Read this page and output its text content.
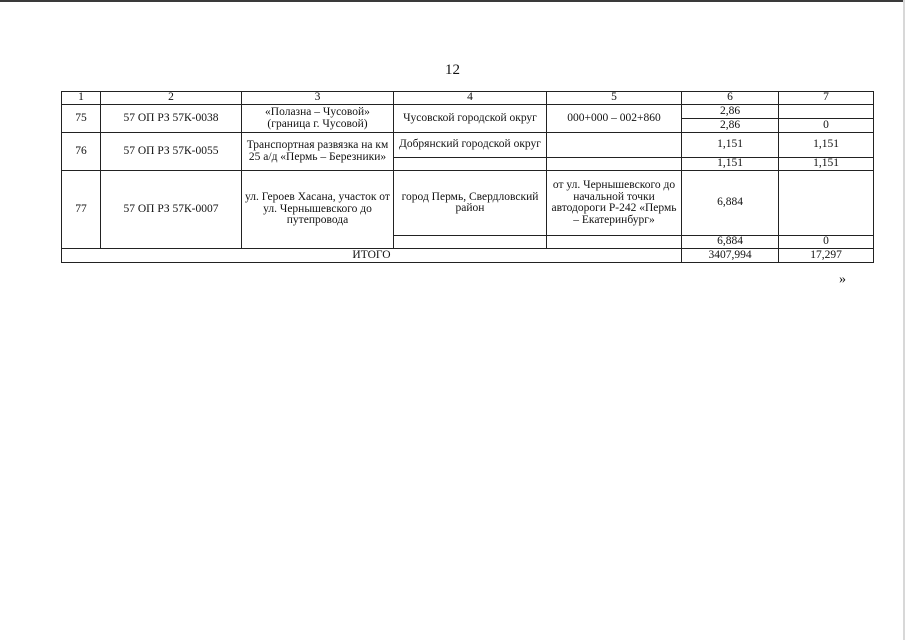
12
1	2	3	4	5	6	7
75	57 ОП РЗ 57К-0038	«Полазна – Чусовой» (граница г. Чусовой)	Чусовской городской округ	000+000 – 002+860	2,86	
					2,86	0
76	57 ОП РЗ 57К-0055	Транспортная развязка на км 25 а/д «Пермь – Березники»	Добрянский городской округ		1,151	1,151
					1,151	1,151
77	57 ОП РЗ 57К-0007	ул. Героев Хасана, участок от ул. Чернышевского до путепровода	город Пермь, Свердловский район	от ул. Чернышевского до начальной точки автодороги Р-242 «Пермь – Екатеринбург»	6,884	
					6,884	0
ИТОГО					3407,994	17,297
»
